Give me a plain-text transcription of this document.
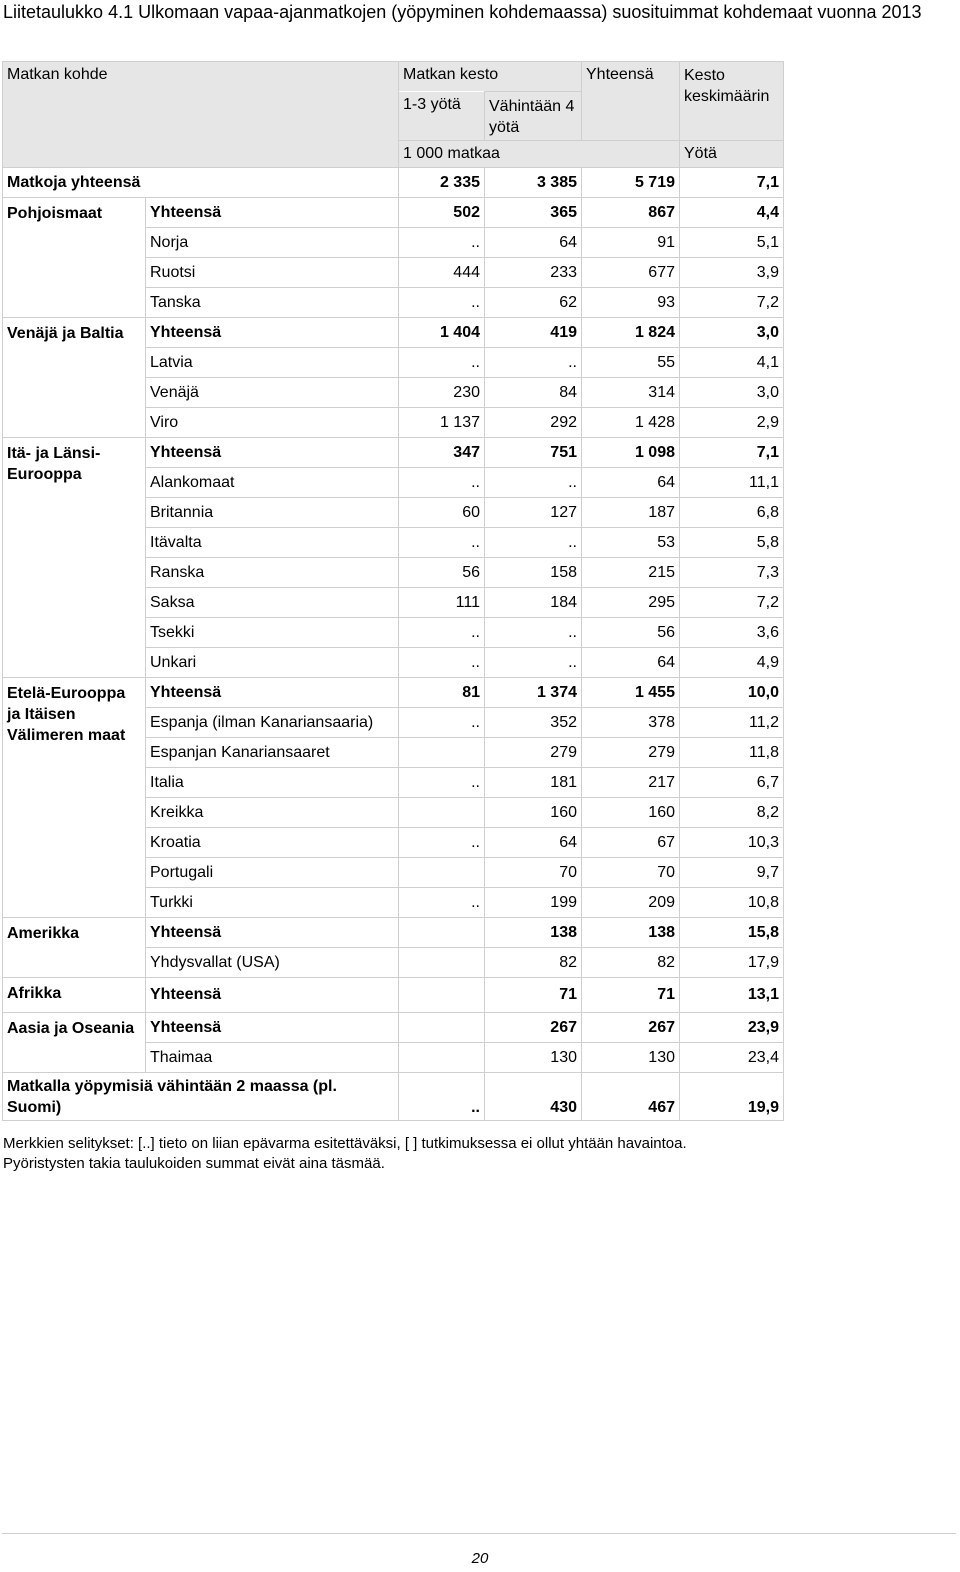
Liitetaulukko 4.1 Ulkomaan vapaa-ajanmatkojen (yöpyminen kohdemaassa) suosituimmat kohdemaat vuonna 2013
Matkan kohde		Matkan kesto		Yhteensä	Kesto keskimäärin
		1-3 yötä	Vähintään 4 yötä		
		1 000 matkaa			Yötä
Matkoja yhteensä		2 335	3 385	5 719	7,1
Pohjoismaat	Yhteensä	502	365	867	4,4
	Norja	..	64	91	5,1
	Ruotsi	444	233	677	3,9
	Tanska	..	62	93	7,2
Venäjä ja Baltia	Yhteensä	1 404	419	1 824	3,0
	Latvia	..	..	55	4,1
	Venäjä	230	84	314	3,0
	Viro	1 137	292	1 428	2,9
Itä- ja Länsi-Eurooppa	Yhteensä	347	751	1 098	7,1
	Alankomaat	..	..	64	11,1
	Britannia	60	127	187	6,8
	Itävalta	..	..	53	5,8
	Ranska	56	158	215	7,3
	Saksa	111	184	295	7,2
	Tsekki	..	..	56	3,6
	Unkari	..	..	64	4,9
Etelä-Eurooppa ja Itäisen Välimeren maat	Yhteensä	81	1 374	1 455	10,0
	Espanja (ilman Kanariansaaria)	..	352	378	11,2
	Espanjan Kanariansaaret		279	279	11,8
	Italia	..	181	217	6,7
	Kreikka		160	160	8,2
	Kroatia	..	64	67	10,3
	Portugali		70	70	9,7
	Turkki	..	199	209	10,8
Amerikka	Yhteensä		138	138	15,8
	Yhdysvallat (USA)		82	82	17,9
Afrikka	Yhteensä		71	71	13,1
Aasia ja Oseania	Yhteensä		267	267	23,9
	Thaimaa		130	130	23,4
Matkalla yöpymisiä vähintään 2 maassa (pl. Suomi)		..	430	467	19,9
Merkkien selitykset: [..] tieto on liian epävarma esitettäväksi, [ ] tutkimuksessa ei ollut yhtään havaintoa.
Pyöristysten takia taulukoiden summat eivät aina täsmää.
20
